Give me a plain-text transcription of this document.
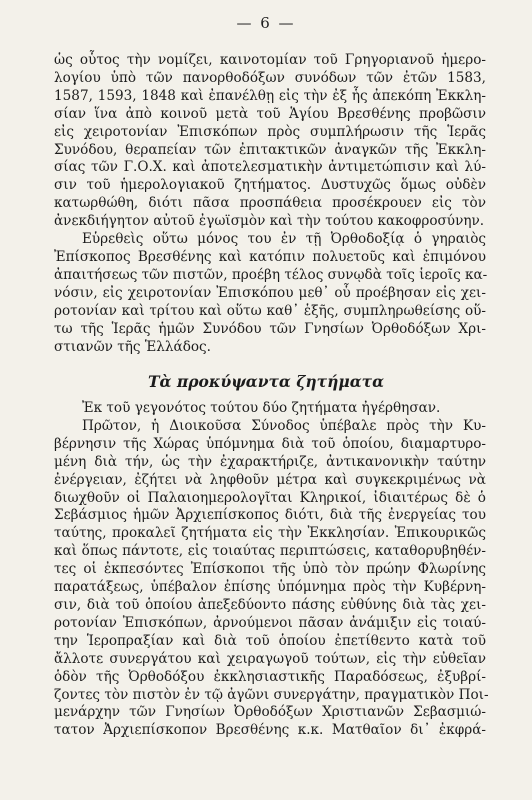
— 6 —

ὡς οὗτος τὴν νομίζει, καινοτομίαν τοῦ Γρηγοριανοῦ ἡμερο-
λογίου ὑπὸ τῶν πανορθοδόξων συνόδων τῶν ἐτῶν 1583,
1587, 1593, 1848 καὶ ἐπανέλθῃ εἰς τὴν ἐξ ἧς ἀπεκόπη Ἐκκλη-
σίαν ἵνα ἀπὸ κοινοῦ μετὰ τοῦ Ἁγίου Βρεσθένης προβῶσιν
εἰς χειροτονίαν Ἐπισκόπων πρὸς συμπλήρωσιν τῆς Ἱερᾶς
Συνόδου, θεραπείαν τῶν ἐπιτακτικῶν ἀναγκῶν τῆς Ἐκκλη-
σίας τῶν Γ.Ο.Χ. καὶ ἀποτελεσματικὴν ἀντιμετώπισιν καὶ λύ-
σιν τοῦ ἡμερολογιακοῦ ζητήματος. Δυστυχῶς ὅμως οὐδὲν
κατωρθώθη, διότι πᾶσα προσπάθεια προσέκρουεν εἰς τὸν
ἀνεκδιήγητον αὐτοῦ ἐγωϊσμὸν καὶ τὴν τούτου κακοφροσύνην.

Εὑρεθεὶς οὕτω μόνος του ἐν τῇ Ὀρθοδοξίᾳ ὁ γηραιὸς
Ἐπίσκοπος Βρεσθένης καὶ κατόπιν πολυετοῦς καὶ ἐπιμόνου
ἀπαιτήσεως τῶν πιστῶν, προέβη τέλος συνῳδὰ τοῖς ἱεροῖς κα-
νόσιν, εἰς χειροτονίαν Ἐπισκόπου μεθ᾽ οὗ προέβησαν εἰς χει-
ροτονίαν καὶ τρίτου καὶ οὕτω καθ᾽ ἑξῆς, συμπληρωθείσης οὕ-
τω τῆς Ἱερᾶς ἡμῶν Συνόδου τῶν Γνησίων Ὀρθοδόξων Χρι-
στιανῶν τῆς Ἑλλάδος.

Τὰ προκύψαντα ζητήματα

Ἐκ τοῦ γεγονότος τούτου δύο ζητήματα ἠγέρθησαν.

Πρῶτον, ἡ Διοικοῦσα Σύνοδος ὑπέβαλε πρὸς τὴν Κυ-
βέρνησιν τῆς Χώρας ὑπόμνημα διὰ τοῦ ὁποίου, διαμαρτυρο-
μένη διὰ τήν, ὡς τὴν ἐχαρακτήριζε, ἀντικανονικὴν ταύτην
ἐνέργειαν, ἐζήτει νὰ ληφθοῦν μέτρα καὶ συγκεκριμένως νὰ
διωχθοῦν οἱ Παλαιοημερολογῖται Κληρικοί, ἰδιαιτέρως δὲ ὁ
Σεβάσμιος ἡμῶν Ἀρχιεπίσκοπος διότι, διὰ τῆς ἐνεργείας του
ταύτης, προκαλεῖ ζητήματα εἰς τὴν Ἐκκλησίαν. Ἐπικουρικῶς
καὶ ὅπως πάντοτε, εἰς τοιαύτας περιπτώσεις, καταθορυβηθέν-
τες οἱ ἐκπεσόντες Ἐπίσκοποι τῆς ὑπὸ τὸν πρώην Φλωρίνης
παρατάξεως, ὑπέβαλον ἐπίσης ὑπόμνημα πρὸς τὴν Κυβέρνη-
σιν, διὰ τοῦ ὁποίου ἀπεξεδύοντο πάσης εὐθύνης διὰ τὰς χει-
ροτονίαν Ἐπισκόπων, ἀρνούμενοι πᾶσαν ἀνάμιξιν εἰς τοιαύ-
την Ἱεροπραξίαν καὶ διὰ τοῦ ὁποίου ἐπετίθεντο κατὰ τοῦ
ἄλλοτε συνεργάτου καὶ χειραγωγοῦ τούτων, εἰς τὴν εὐθεῖαν
ὁδὸν τῆς Ὀρθοδόξου ἐκκλησιαστικῆς Παραδόσεως, ἐξυβρί-
ζοντες τὸν πιστὸν ἐν τῷ ἀγῶνι συνεργάτην, πραγματικὸν Ποι-
μενάρχην τῶν Γνησίων Ὀρθοδόξων Χριστιανῶν Σεβασμιώ-
τατον Ἀρχιεπίσκοπον Βρεσθένης κ.κ. Ματθαῖον δι᾽ ἐκφρά-
